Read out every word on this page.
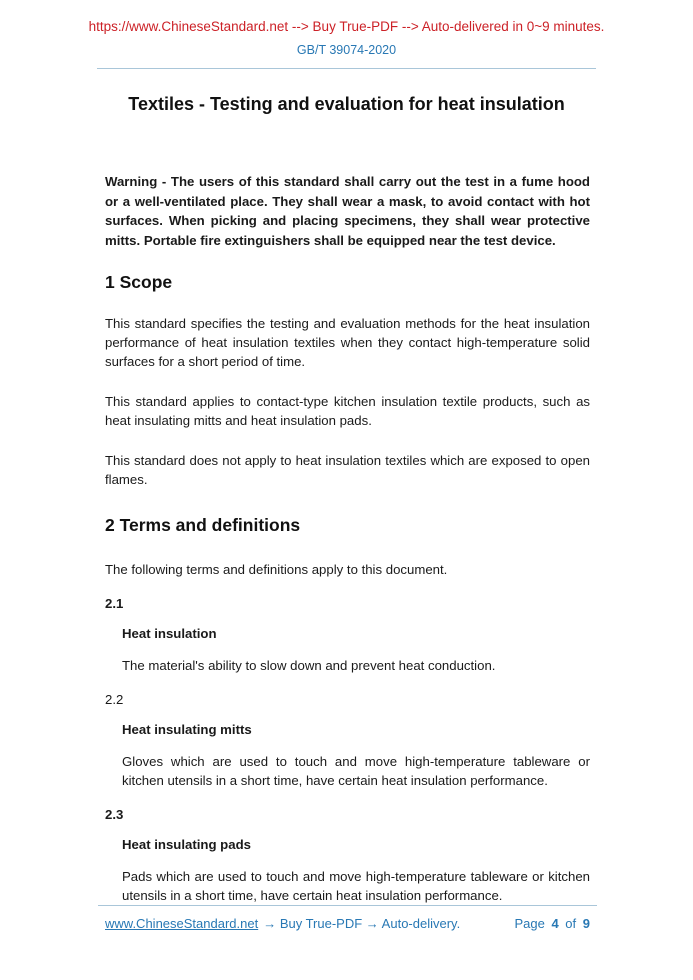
https://www.ChineseStandard.net --> Buy True-PDF --> Auto-delivered in 0~9 minutes.
GB/T 39074-2020
Textiles - Testing and evaluation for heat insulation

Warning - The users of this standard shall carry out the test in a fume hood or a well-ventilated place. They shall wear a mask, to avoid contact with hot surfaces. When picking and placing specimens, they shall wear protective mitts. Portable fire extinguishers shall be equipped near the test device.

1 Scope

This standard specifies the testing and evaluation methods for the heat insulation performance of heat insulation textiles when they contact high-temperature solid surfaces for a short period of time.

This standard applies to contact-type kitchen insulation textile products, such as heat insulating mitts and heat insulation pads.

This standard does not apply to heat insulation textiles which are exposed to open flames.

2 Terms and definitions

The following terms and definitions apply to this document.

2.1
Heat insulation

The material's ability to slow down and prevent heat conduction.

2.2
Heat insulating mitts

Gloves which are used to touch and move high-temperature tableware or kitchen utensils in a short time, have certain heat insulation performance.

2.3
Heat insulating pads

Pads which are used to touch and move high-temperature tableware or kitchen utensils in a short time, have certain heat insulation performance.

www.ChineseStandard.net → Buy True-PDF → Auto-delivery.	Page 4 of 9
